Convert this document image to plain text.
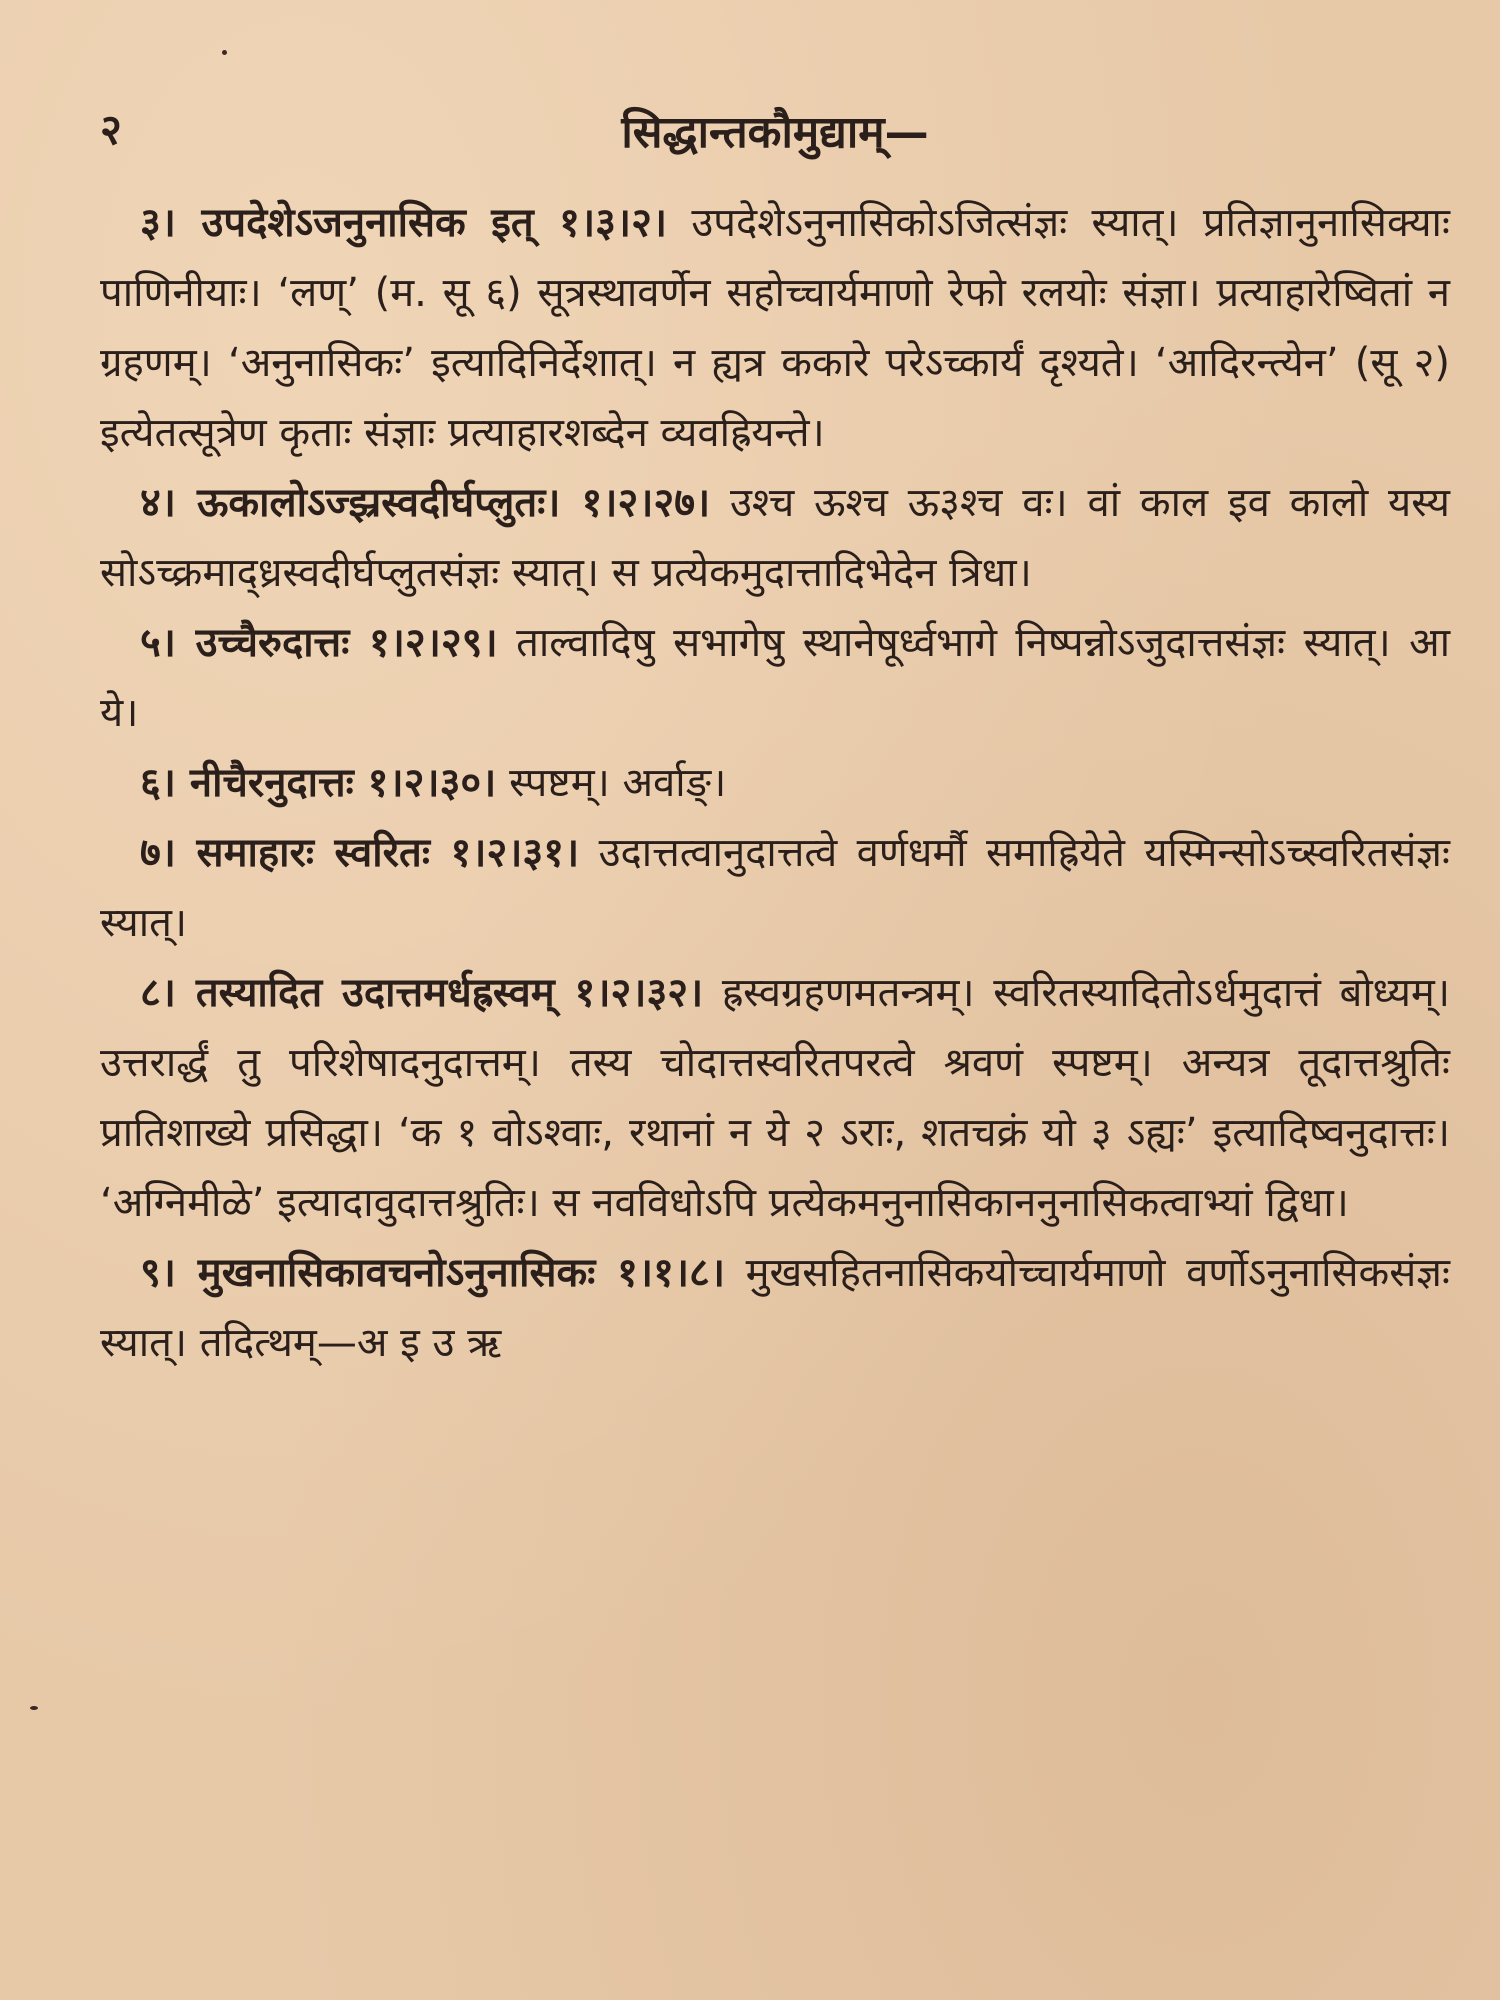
२	सिद्धान्तकौमुद्याम्—

३। उपदेशेऽजनुनासिक इत् १।३।२। उपदेशेऽनुनासिकोऽजित्संज्ञः स्यात्। प्रतिज्ञानुनासिक्याः पाणिनीयाः। ‘लण्’ (म. सू ६) सूत्रस्थावर्णेन सहोच्चार्यमाणो रेफो रलयोः संज्ञा। प्रत्याहारेष्वितां न ग्रहणम्। ‘अनुनासिकः’ इत्यादिनिर्देशात्। न ह्यत्र ककारे परेऽच्कार्यं दृश्यते। ‘आदिरन्त्येन’ (सू २) इत्येतत्सूत्रेण कृताः संज्ञाः प्रत्याहारशब्देन व्यवह्रियन्ते।

४। ऊकालोऽज्झ्रस्वदीर्घप्लुतः। १।२।२७। उश्च ऊश्च ऊ३श्च वः। वां काल इव कालो यस्य सोऽच्क्रमाद्ध्रस्वदीर्घप्लुतसंज्ञः स्यात्। स प्रत्येकमुदात्तादिभेदेन त्रिधा।

५। उच्चैरुदात्तः १।२।२९। ताल्वादिषु सभागेषु स्थानेषूर्ध्वभागे निष्पन्नोऽजुदात्तसंज्ञः स्यात्। आ ये।

६। नीचैरनुदात्तः १।२।३०। स्पष्टम्। अर्वाङ्।

७। समाहारः स्वरितः १।२।३१। उदात्तत्वानुदात्तत्वे वर्णधर्मौ समाह्रियेते यस्मिन्सोऽच्स्वरितसंज्ञः स्यात्।

८। तस्यादित उदात्तमर्धह्रस्वम् १।२।३२। ह्रस्वग्रहणमतन्त्रम्। स्वरितस्यादितोऽर्धमुदात्तं बोध्यम्। उत्तरार्द्धं तु परिशेषादनुदात्तम्। तस्य चोदात्तस्वरितपरत्वे श्रवणं स्पष्टम्। अन्यत्र तूदात्तश्रुतिः प्रातिशाख्ये प्रसिद्धा। ‘क १ वोऽश्वाः, रथानां न ये २ ऽराः, शतचक्रं यो ३ ऽह्यः’ इत्यादिष्वनुदात्तः। ‘अग्निमीळे’ इत्यादावुदात्तश्रुतिः। स नवविधोऽपि प्रत्येकमनुनासिकाननुनासिकत्वाभ्यां द्विधा।

९। मुखनासिकावचनोऽनुनासिकः १।१।८। मुखसहितनासिकयोच्चार्यमाणो वर्णोऽनुनासिकसंज्ञः स्यात्। तदित्थम्—अ इ उ ऋ
